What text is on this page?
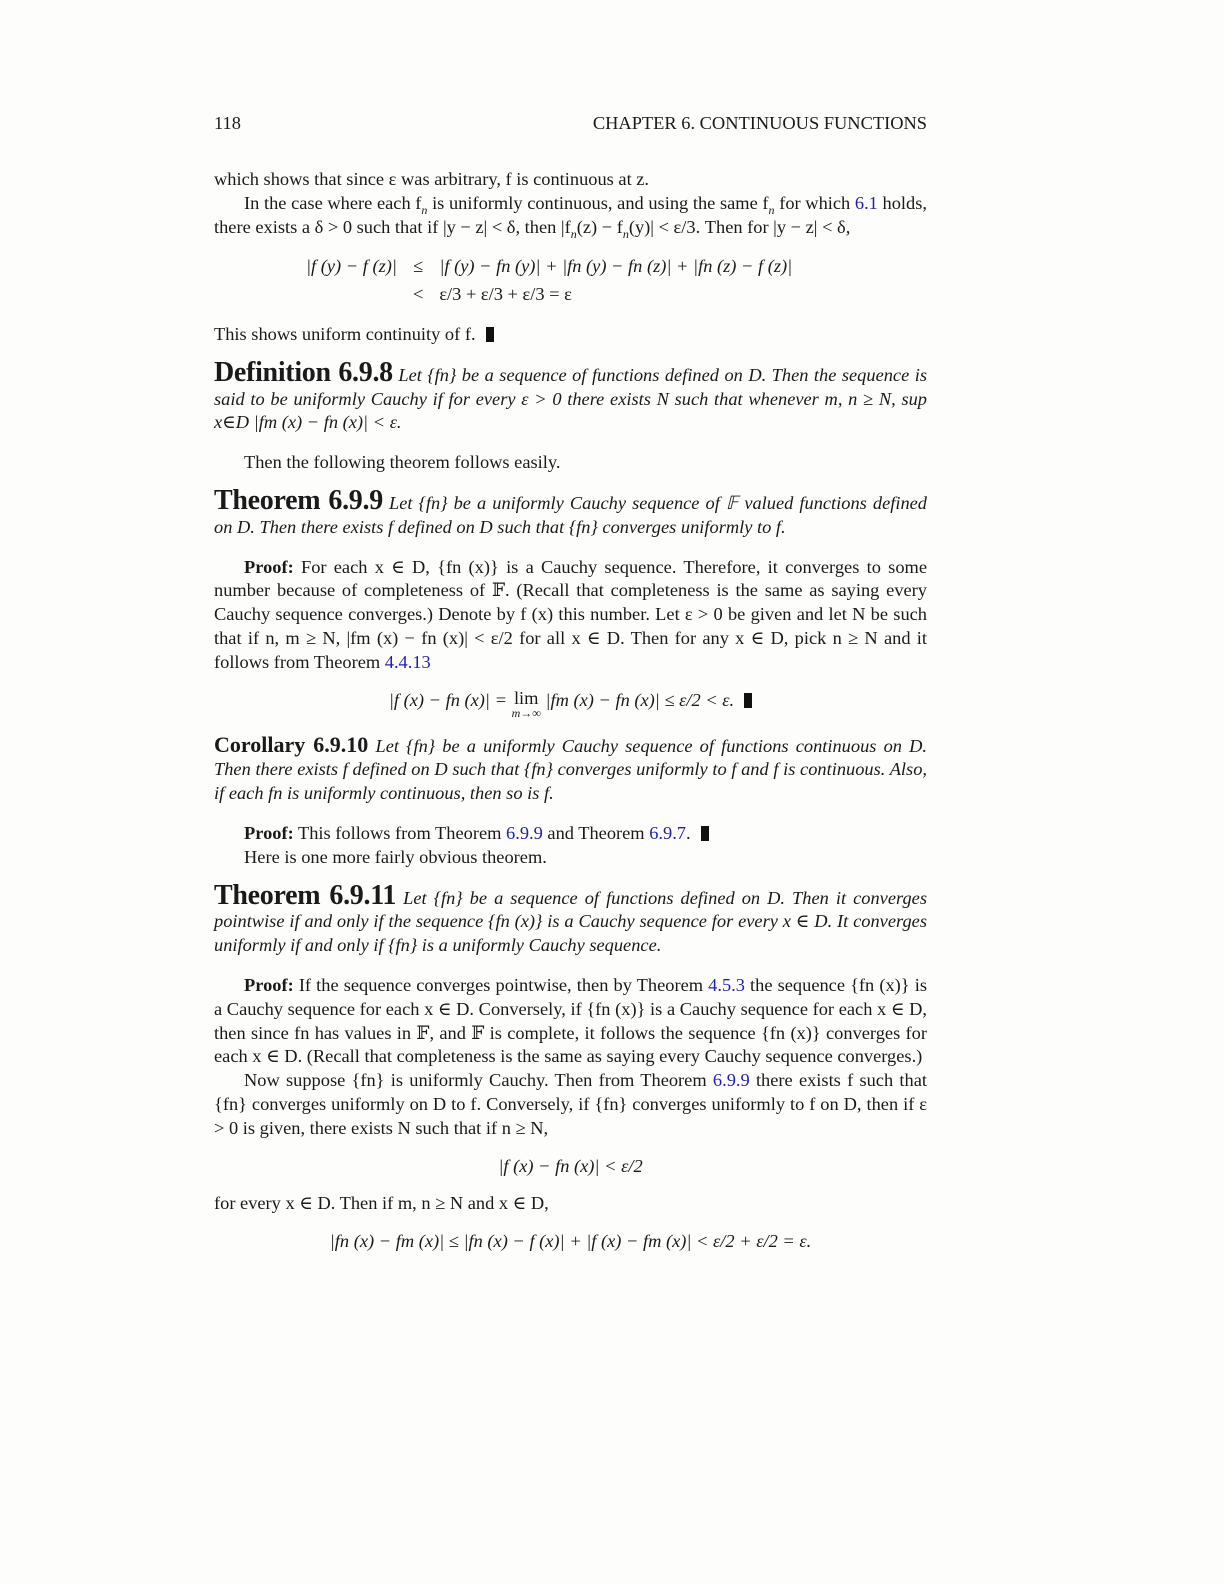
118	CHAPTER 6. CONTINUOUS FUNCTIONS

which shows that since ε was arbitrary, f is continuous at z.

In the case where each $f_n$ is uniformly continuous, and using the same $f_n$ for which 6.1 holds, there exists a δ > 0 such that if |y − z| < δ, then $|f_n(z) - f_n(y)| < \varepsilon/3$. Then for |y − z| < δ,

|f (y) − f (z)|	≤	|f (y) − fn (y)| + |fn (y) − fn (z)| + |fn (z) − f (z)|
	<	ε/3 + ε/3 + ε/3 = ε

This shows uniform continuity of f.

Definition 6.9.8 Let {fn} be a sequence of functions defined on D. Then the sequence is said to be uniformly Cauchy if for every ε > 0 there exists N such that whenever m, n ≥ N, sup x∈D |fm (x) − fn (x)| < ε.

Then the following theorem follows easily.

Theorem 6.9.9 Let {fn} be a uniformly Cauchy sequence of 𝔽 valued functions defined on D. Then there exists f defined on D such that {fn} converges uniformly to f.

Proof: For each x ∈ D, {fn (x)} is a Cauchy sequence. Therefore, it converges to some number because of completeness of 𝔽. (Recall that completeness is the same as saying every Cauchy sequence converges.) Denote by f (x) this number. Let ε > 0 be given and let N be such that if n, m ≥ N, |fm (x) − fn (x)| < ε/2 for all x ∈ D. Then for any x ∈ D, pick n ≥ N and it follows from Theorem 4.4.13

|f (x) − fn (x)| = lim
m→∞
|fm (x) − fn (x)| ≤ ε/2 < ε.
Corollary 6.9.10 Let {fn} be a uniformly Cauchy sequence of functions continuous on D. Then there exists f defined on D such that {fn} converges uniformly to f and f is continuous. Also, if each fn is uniformly continuous, then so is f.

Proof: This follows from Theorem 6.9.9 and Theorem 6.9.7.

Here is one more fairly obvious theorem.

Theorem 6.9.11 Let {fn} be a sequence of functions defined on D. Then it converges pointwise if and only if the sequence {fn (x)} is a Cauchy sequence for every x ∈ D. It converges uniformly if and only if {fn} is a uniformly Cauchy sequence.

Proof: If the sequence converges pointwise, then by Theorem 4.5.3 the sequence {fn (x)} is a Cauchy sequence for each x ∈ D. Conversely, if {fn (x)} is a Cauchy sequence for each x ∈ D, then since fn has values in 𝔽, and 𝔽 is complete, it follows the sequence {fn (x)} converges for each x ∈ D. (Recall that completeness is the same as saying every Cauchy sequence converges.)

Now suppose {fn} is uniformly Cauchy. Then from Theorem 6.9.9 there exists f such that {fn} converges uniformly on D to f. Conversely, if {fn} converges uniformly to f on D, then if ε > 0 is given, there exists N such that if n ≥ N,

|f (x) − fn (x)| < ε/2

for every x ∈ D. Then if m, n ≥ N and x ∈ D,

|fn (x) − fm (x)| ≤ |fn (x) − f (x)| + |f (x) − fm (x)| < ε/2 + ε/2 = ε.
